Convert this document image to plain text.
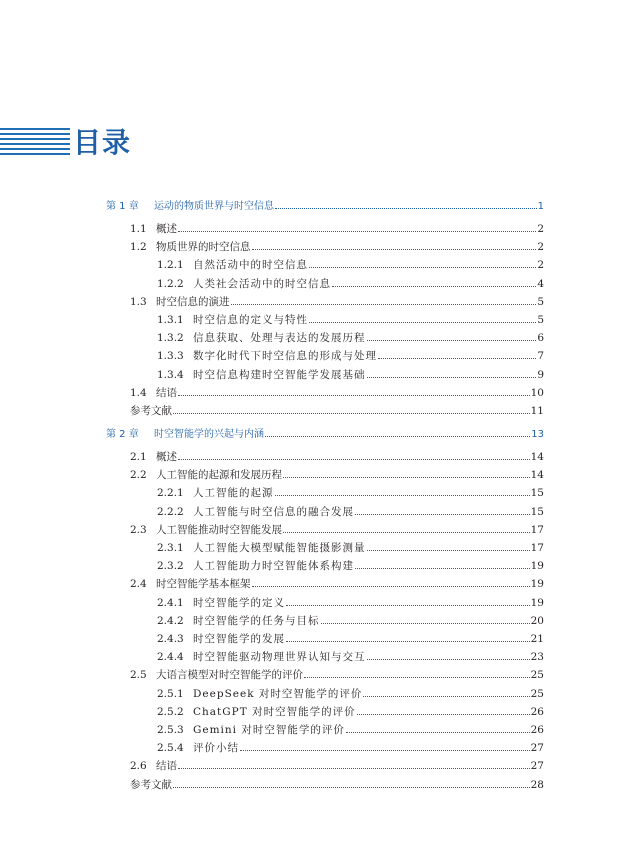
目录
第 1 章	运动的物质世界与时空信息	1
1.1 概述	2
1.2 物质世界的时空信息	2
1.2.1 自然活动中的时空信息	2
1.2.2 人类社会活动中的时空信息	4
1.3 时空信息的演进	5
1.3.1 时空信息的定义与特性	5
1.3.2 信息获取、处理与表达的发展历程	6
1.3.3 数字化时代下时空信息的形成与处理	7
1.3.4 时空信息构建时空智能学发展基础	9
1.4 结语	10
参考文献	11
第 2 章	时空智能学的兴起与内涵	13
2.1 概述	14
2.2 人工智能的起源和发展历程	14
2.2.1 人工智能的起源	15
2.2.2 人工智能与时空信息的融合发展	15
2.3 人工智能推动时空智能发展	17
2.3.1 人工智能大模型赋能智能摄影测量	17
2.3.2 人工智能助力时空智能体系构建	19
2.4 时空智能学基本框架	19
2.4.1 时空智能学的定义	19
2.4.2 时空智能学的任务与目标	20
2.4.3 时空智能学的发展	21
2.4.4 时空智能驱动物理世界认知与交互	23
2.5 大语言模型对时空智能学的评价	25
2.5.1 DeepSeek 对时空智能学的评价	25
2.5.2 ChatGPT 对时空智能学的评价	26
2.5.3 Gemini 对时空智能学的评价	26
2.5.4 评价小结	27
2.6 结语	27
参考文献	28
